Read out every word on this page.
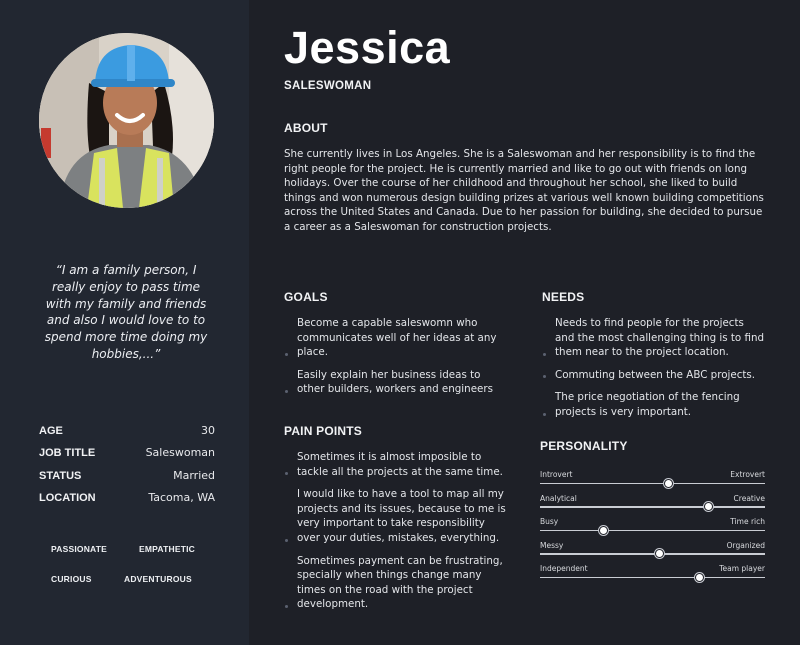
“I am a family person, I really enjoy to pass time with my family and friends and also I would love to to spend more time doing my hobbies,...”
AGE	30
JOB TITLE	Saleswoman
STATUS	Married
LOCATION	Tacoma, WA
PASSIONATE	EMPATHETIC
CURIOUS	ADVENTUROUS
Jessica
SALESWOMAN
ABOUT
She currently lives in Los Angeles. She is a Saleswoman and her responsibility is to find the right people for the project. He is currently married and like to go out with friends on long holidays. Over the course of her childhood and throughout her school, she liked to build things and won numerous design building prizes at various well known building competitions across the United States and Canada. Due to her passion for building, she decided to pursue a career as a Saleswoman for construction projects.
GOALS
Become a capable saleswomn who communicates well of her ideas at any place.
Easily explain her business ideas to other builders, workers and engineers
NEEDS
Needs to find people for the projects and the most challenging thing is to find them near to the project location.
Commuting between the ABC projects.
The price negotiation of the fencing projects is very important.
PAIN POINTS
Sometimes it is almost imposible to tackle all the projects at the same time.
I would like to have a tool to map all my projects and its issues, because to me is very important to take responsibility over your duties, mistakes, everything.
Sometimes payment can be frustrating, specially when things change many times on the road with the project development.
PERSONALITY
Introvert	Extrovert
Analytical	Creative
Busy	Time rich
Messy	Organized
Independent	Team player
